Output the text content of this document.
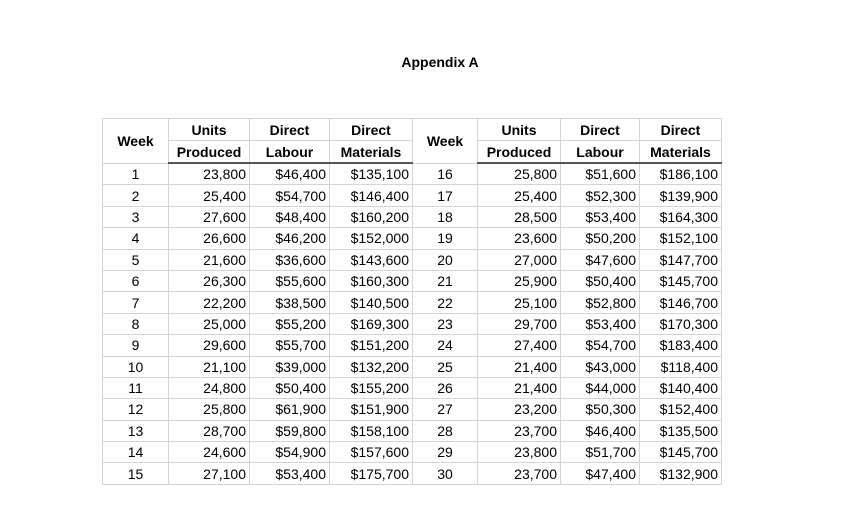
Appendix A
Week	Units	Direct	Direct	Week	Units	Direct	Direct
	Produced	Labour	Materials		Produced	Labour	Materials
1	23,800	$46,400	$135,100	16	25,800	$51,600	$186,100
2	25,400	$54,700	$146,400	17	25,400	$52,300	$139,900
3	27,600	$48,400	$160,200	18	28,500	$53,400	$164,300
4	26,600	$46,200	$152,000	19	23,600	$50,200	$152,100
5	21,600	$36,600	$143,600	20	27,000	$47,600	$147,700
6	26,300	$55,600	$160,300	21	25,900	$50,400	$145,700
7	22,200	$38,500	$140,500	22	25,100	$52,800	$146,700
8	25,000	$55,200	$169,300	23	29,700	$53,400	$170,300
9	29,600	$55,700	$151,200	24	27,400	$54,700	$183,400
10	21,100	$39,000	$132,200	25	21,400	$43,000	$118,400
11	24,800	$50,400	$155,200	26	21,400	$44,000	$140,400
12	25,800	$61,900	$151,900	27	23,200	$50,300	$152,400
13	28,700	$59,800	$158,100	28	23,700	$46,400	$135,500
14	24,600	$54,900	$157,600	29	23,800	$51,700	$145,700
15	27,100	$53,400	$175,700	30	23,700	$47,400	$132,900
